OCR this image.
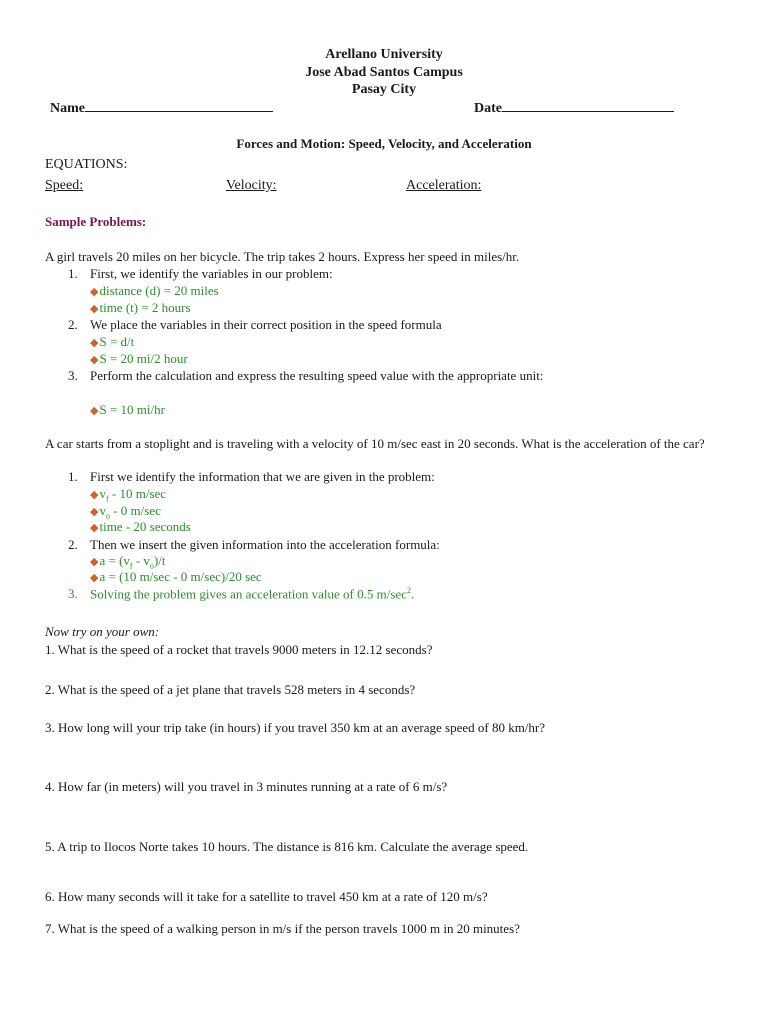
Arellano University
Jose Abad Santos Campus
Pasay City
Name	Date
Forces and Motion: Speed, Velocity, and Acceleration
EQUATIONS:
Speed:	Velocity:	Acceleration:
Sample Problems:
A girl travels 20 miles on her bicycle. The trip takes 2 hours. Express her speed in miles/hr.
1. First, we identify the variables in our problem:
◆distance (d) = 20 miles
◆time (t) = 2 hours
2. We place the variables in their correct position in the speed formula
◆S = d/t
◆S = 20 mi/2 hour
3. Perform the calculation and express the resulting speed value with the appropriate unit:
◆S = 10 mi/hr
A car starts from a stoplight and is traveling with a velocity of 10 m/sec east in 20 seconds. What is the acceleration of the car?
1. First we identify the information that we are given in the problem:
$◆v_f - 10$ m/sec
$◆v_o - 0$ m/sec
◆time - 20 seconds
2. Then we insert the given information into the acceleration formula:
◆a = $(v_f - v_o)/t$
◆a = (10 m/sec - 0 m/sec)/20 sec
3. Solving the problem gives an acceleration value of 0.5 $m/\sec^2$.
Now try on your own:
1. What is the speed of a rocket that travels 9000 meters in 12.12 seconds?
2. What is the speed of a jet plane that travels 528 meters in 4 seconds?
3. How long will your trip take (in hours) if you travel 350 km at an average speed of 80 km/hr?
4. How far (in meters) will you travel in 3 minutes running at a rate of 6 m/s?
5. A trip to Ilocos Norte takes 10 hours. The distance is 816 km. Calculate the average speed.
6. How many seconds will it take for a satellite to travel 450 km at a rate of 120 m/s?
7. What is the speed of a walking person in m/s if the person travels 1000 m in 20 minutes?
